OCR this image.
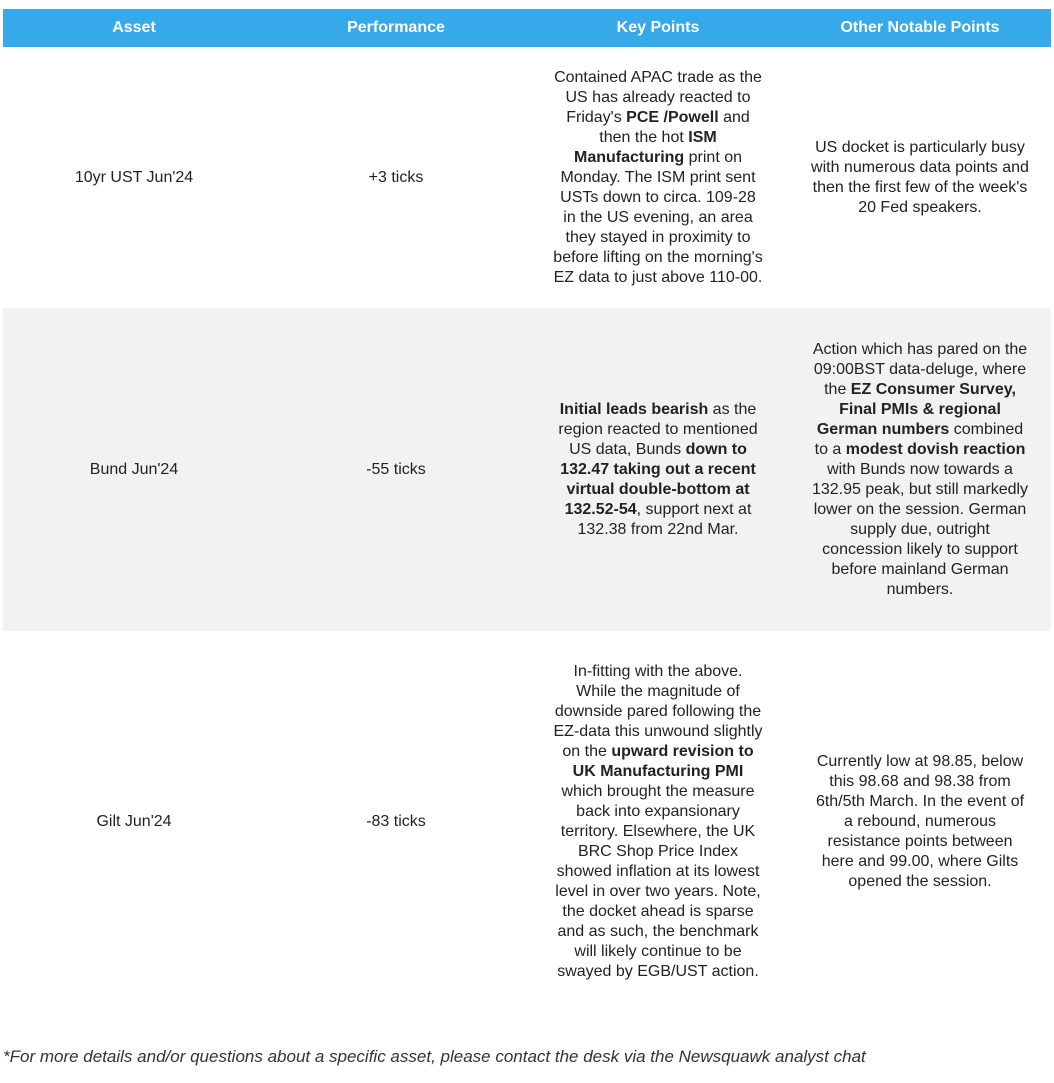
Asset	Performance	Key Points	Other Notable Points
10yr UST Jun'24	+3 ticks	Contained APAC trade as the US has already reacted to Friday's PCE /Powell and then the hot ISM Manufacturing print on Monday. The ISM print sent USTs down to circa. 109-28 in the US evening, an area they stayed in proximity to before lifting on the morning's EZ data to just above 110-00.	US docket is particularly busy with numerous data points and then the first few of the week's 20 Fed speakers.

Bund Jun'24	-55 ticks	Initial leads bearish as the region reacted to mentioned US data, Bunds down to 132.47 taking out a recent virtual double-bottom at 132.52-54, support next at 132.38 from 22nd Mar.	Action which has pared on the 09:00BST data-deluge, where the EZ Consumer Survey, Final PMIs & regional German numbers combined to a modest dovish reaction with Bunds now towards a 132.95 peak, but still markedly lower on the session. German supply due, outright concession likely to support before mainland German numbers.

Gilt Jun'24	-83 ticks	In-fitting with the above. While the magnitude of downside pared following the EZ-data this unwound slightly on the upward revision to UK Manufacturing PMI which brought the measure back into expansionary territory. Elsewhere, the UK BRC Shop Price Index showed inflation at its lowest level in over two years. Note, the docket ahead is sparse and as such, the benchmark will likely continue to be swayed by EGB/UST action.	Currently low at 98.85, below this 98.68 and 98.38 from 6th/5th March. In the event of a rebound, numerous resistance points between here and 99.00, where Gilts opened the session.
*For more details and/or questions about a specific asset, please contact the desk via the Newsquawk analyst chat
